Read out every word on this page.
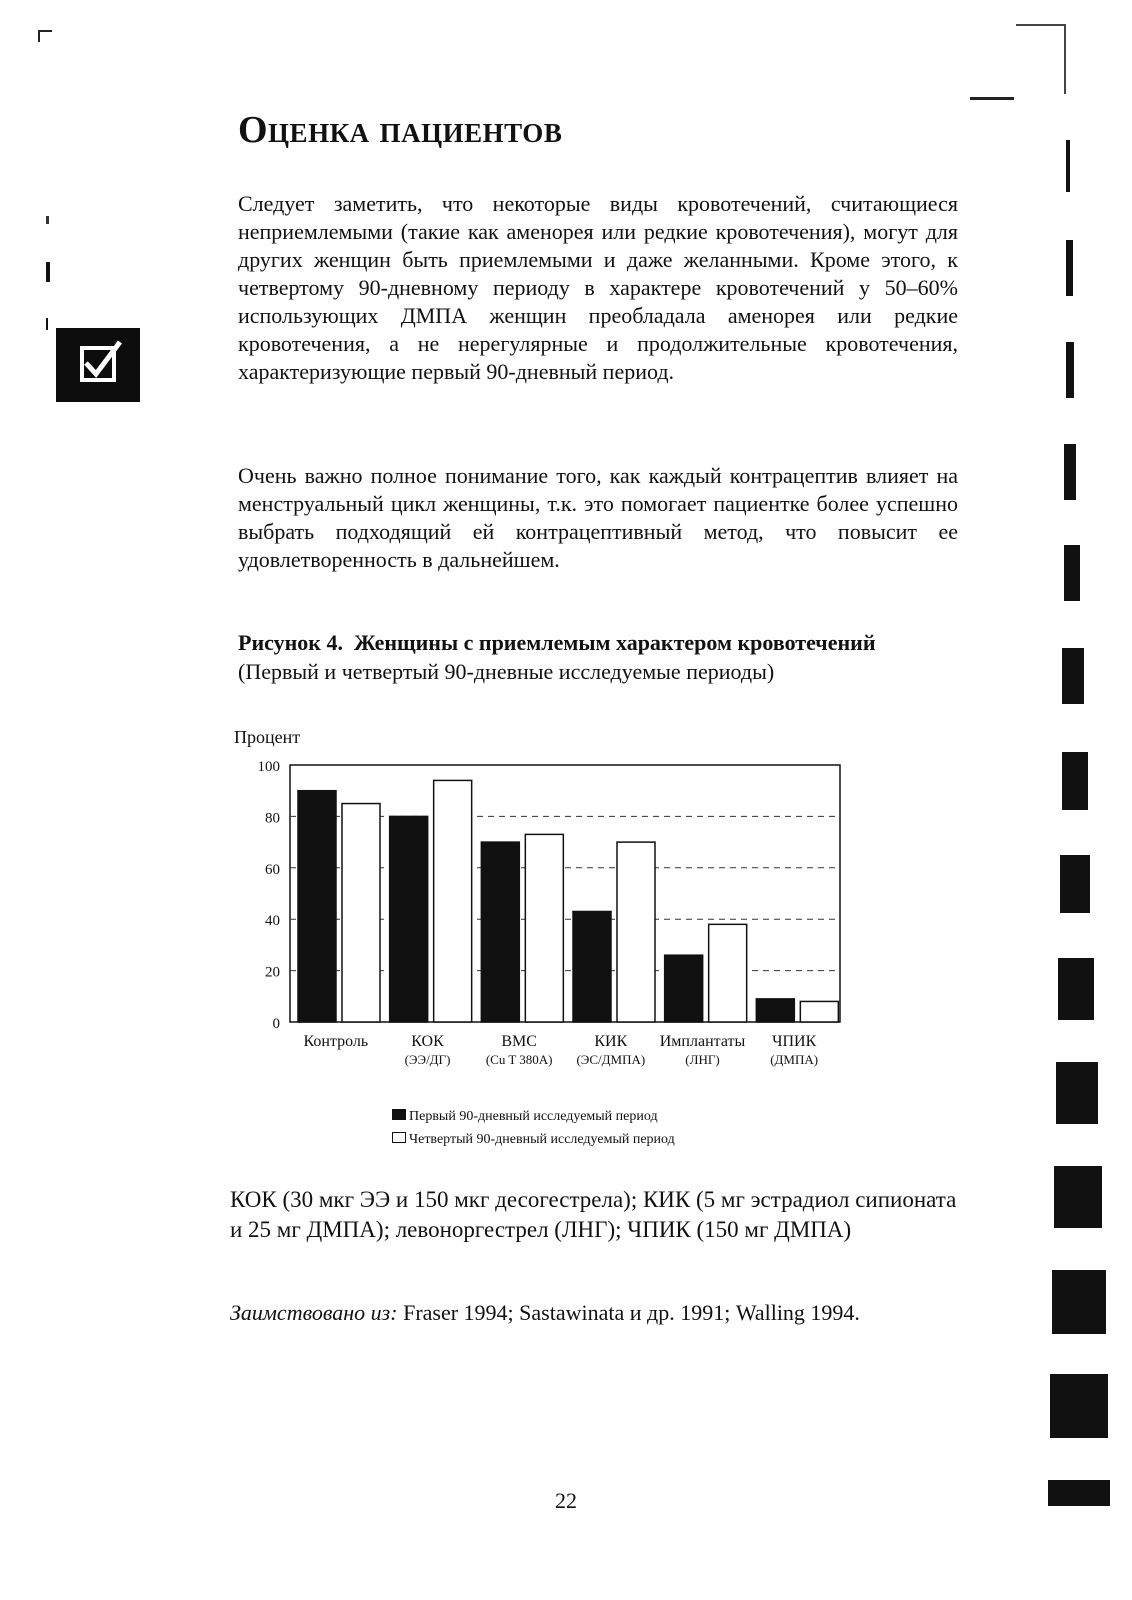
Оценка пациентов

Следует заметить, что некоторые виды кровотечений, считающиеся неприемлемыми (такие как аменорея или редкие кровотечения), могут для других женщин быть приемлемыми и даже желанными. Кроме этого, к четвертому 90-дневному периоду в характере кровотечений у 50–60% использующих ДМПА женщин преобладала аменорея или редкие кровотечения, а не нерегулярные и продолжительные кровотечения, характеризующие первый 90-дневный период.

Очень важно полное понимание того, как каждый контрацептив влияет на менструальный цикл женщины, т.к. это помогает пациентке более успешно выбрать подходящий ей контрацептивный метод, что повысит ее удовлетворенность в дальнейшем.

Рисунок 4. Женщины с приемлемым характером кровотечений
(Первый и четвертый 90-дневные исследуемые периоды)
Процент
0
20
40
60
80
100
Контроль	КОК
(ЭЭ/ДГ)
ВМС
(Cu T 380A)
КИК
(ЭС/ДМПА)
Имплантаты
(ЛНГ)
ЧПИК
(ДМПА)
Первый 90-дневный исследуемый период
Четвертый 90-дневный исследуемый период

КОК (30 мкг ЭЭ и 150 мкг десогестрела); КИК (5 мг эстрадиол сипионата и 25 мг ДМПА); левоноргестрел (ЛНГ); ЧПИК (150 мг ДМПА)

Заимствовано из: Fraser 1994; Sastawinata и др. 1991; Walling 1994.

22
